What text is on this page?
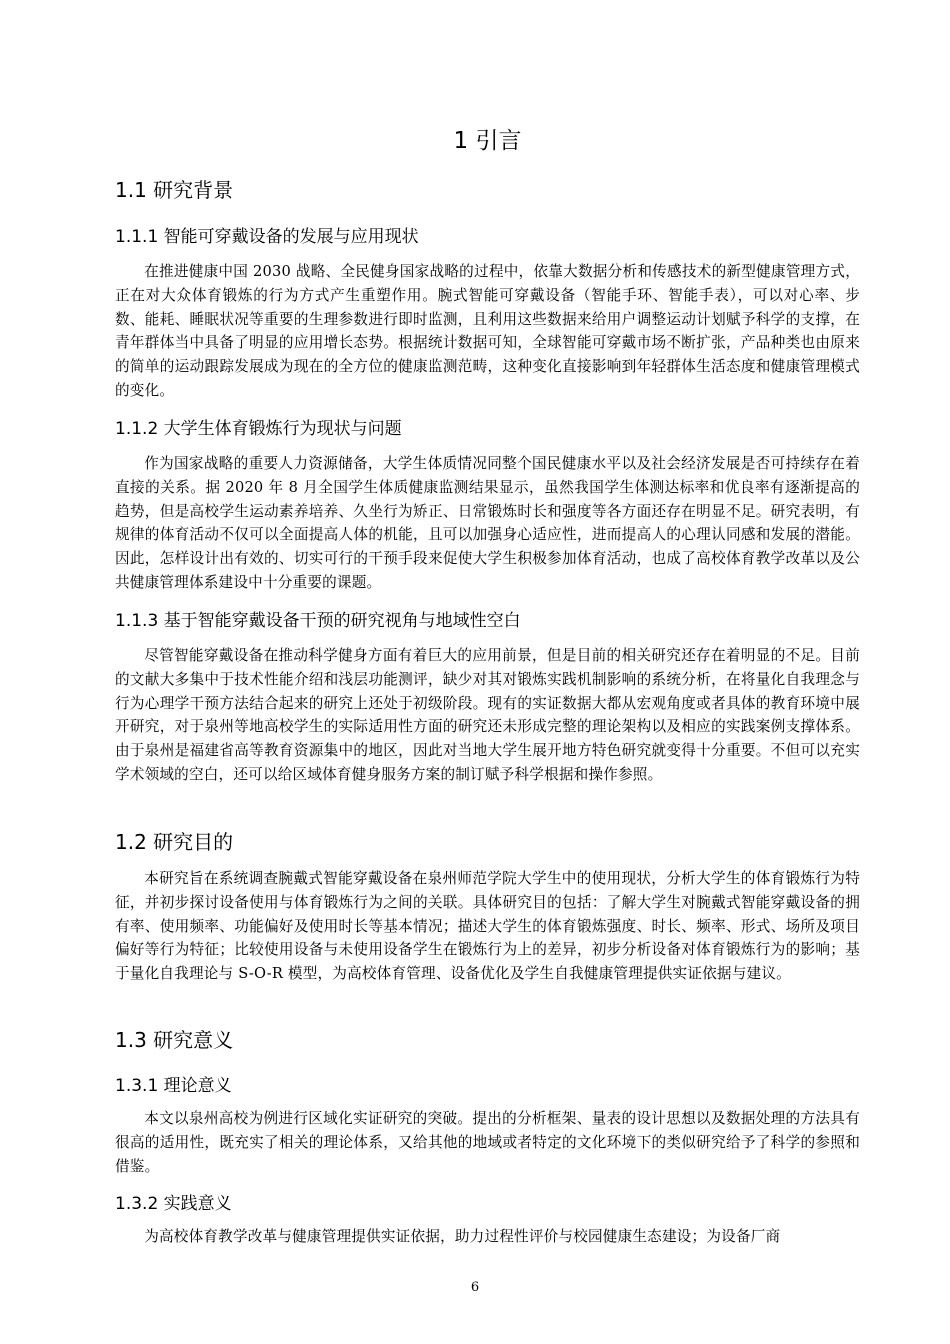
1 引言
1.1 研究背景
1.1.1 智能可穿戴设备的发展与应用现状
在推进健康中国 2030 战略、全民健身国家战略的过程中，依靠大数据分析和传感技术的新型健康管理方式，正在对大众体育锻炼的行为方式产生重塑作用。腕式智能可穿戴设备（智能手环、智能手表），可以对心率、步数、能耗、睡眠状况等重要的生理参数进行即时监测，且利用这些数据来给用户调整运动计划赋予科学的支撑，在青年群体当中具备了明显的应用增长态势。根据统计数据可知，全球智能可穿戴市场不断扩张，产品种类也由原来的简单的运动跟踪发展成为现在的全方位的健康监测范畴，这种变化直接影响到年轻群体生活态度和健康管理模式的变化。
1.1.2 大学生体育锻炼行为现状与问题
作为国家战略的重要人力资源储备，大学生体质情况同整个国民健康水平以及社会经济发展是否可持续存在着直接的关系。据 2020 年 8 月全国学生体质健康监测结果显示，虽然我国学生体测达标率和优良率有逐渐提高的趋势，但是高校学生运动素养培养、久坐行为矫正、日常锻炼时长和强度等各方面还存在明显不足。研究表明，有规律的体育活动不仅可以全面提高人体的机能，且可以加强身心适应性，进而提高人的心理认同感和发展的潜能。因此，怎样设计出有效的、切实可行的干预手段来促使大学生积极参加体育活动，也成了高校体育教学改革以及公共健康管理体系建设中十分重要的课题。
1.1.3 基于智能穿戴设备干预的研究视角与地域性空白
尽管智能穿戴设备在推动科学健身方面有着巨大的应用前景，但是目前的相关研究还存在着明显的不足。目前的文献大多集中于技术性能介绍和浅层功能测评，缺少对其对锻炼实践机制影响的系统分析，在将量化自我理念与行为心理学干预方法结合起来的研究上还处于初级阶段。现有的实证数据大都从宏观角度或者具体的教育环境中展开研究，对于泉州等地高校学生的实际适用性方面的研究还未形成完整的理论架构以及相应的实践案例支撑体系。由于泉州是福建省高等教育资源集中的地区，因此对当地大学生展开地方特色研究就变得十分重要。不但可以充实学术领域的空白，还可以给区域体育健身服务方案的制订赋予科学根据和操作参照。
1.2 研究目的
本研究旨在系统调查腕戴式智能穿戴设备在泉州师范学院大学生中的使用现状，分析大学生的体育锻炼行为特征，并初步探讨设备使用与体育锻炼行为之间的关联。具体研究目的包括：了解大学生对腕戴式智能穿戴设备的拥有率、使用频率、功能偏好及使用时长等基本情况；描述大学生的体育锻炼强度、时长、频率、形式、场所及项目偏好等行为特征；比较使用设备与未使用设备学生在锻炼行为上的差异，初步分析设备对体育锻炼行为的影响；基于量化自我理论与 S-O-R 模型，为高校体育管理、设备优化及学生自我健康管理提供实证依据与建议。
1.3 研究意义
1.3.1 理论意义
本文以泉州高校为例进行区域化实证研究的突破。提出的分析框架、量表的设计思想以及数据处理的方法具有很高的适用性，既充实了相关的理论体系，又给其他的地域或者特定的文化环境下的类似研究给予了科学的参照和借鉴。
1.3.2 实践意义
为高校体育教学改革与健康管理提供实证依据，助力过程性评价与校园健康生态建设；为设备厂商
6
